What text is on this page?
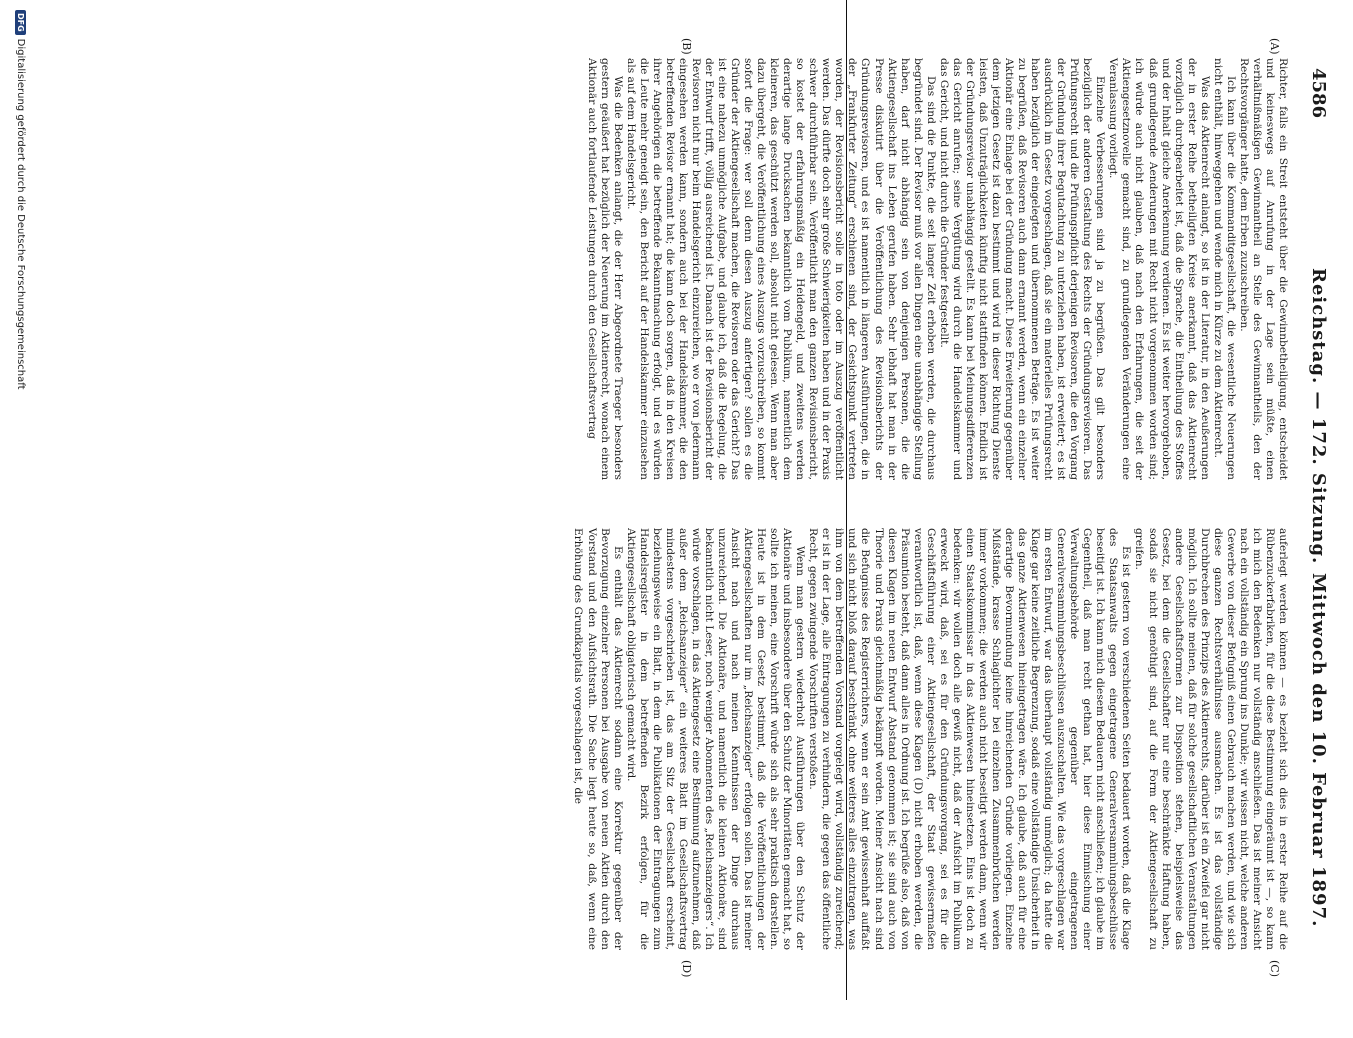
4586
Reichstag. — 172. Sitzung.
Mittwoch den 10. Februar 1897.
(A)
(B)
(C)
(D)

Richter, falls ein Streit entsteht über die Gewinnbetheiligung, entscheidet und keineswegs auf Anrufung in der Lage sein müßte, einen verhältnißmäßigen Gewinnantheil an Stelle des Gewinnantheils, den der Rechtsvorgänger hatte, dem Erben zuzuschreiben.

Ich kann über die Kommanditgesellschaft, die wesentliche Neuerungen nicht enthält, hinweggehen und wende mich in Kürze zu dem Aktienrecht.

Was das Aktienrecht anlangt, so ist in der Literatur, in den Aeußerungen der in erster Reihe betheiligten Kreise anerkannt, daß das Aktienrecht vorzüglich durchgearbeitet ist, daß die Sprache, die Eintheilung des Stoffes und der Inhalt gleiche Anerkennung verdienen. Es ist weiter hervorgehoben, daß grundlegende Aenderungen mit Recht nicht vorgenommen worden sind; ich würde auch nicht glauben, daß nach den Erfahrungen, die seit der Aktiengesetznovelle gemacht sind, zu grundlegenden Veränderungen eine Veranlassung vorliegt.

Einzelne Verbesserungen sind ja zu begrüßen. Das gilt besonders bezüglich der anderen Gestaltung des Rechts der Gründungsrevisoren. Das Prüfungsrecht und die Prüfungspflicht derjenigen Revisoren, die den Vorgang der Gründung ihrer Begutachtung zu unterziehen haben, ist erweitert; es ist ausdrücklich im Gesetz vorgeschlagen, daß sie ein materielles Prüfungsrecht haben bezüglich der eingelegten und übernommenen Beträge. Es ist weiter zu begrüßen, daß Revisoren auch dann ernannt werden, wenn ein einzelner Aktionär eine Einlage bei der Gründung macht. Diese Erweiterung gegenüber dem jetzigen Gesetz ist dazu bestimmt und wird in dieser Richtung Dienste leisten, daß Unzuträglichkeiten künftig nicht stattfinden können. Endlich ist der Gründungsrevisor unabhängig gestellt. Es kann bei Meinungsdifferenzen das Gericht anrufen; seine Vergütung wird durch die Handelskammer und das Gericht, und nicht durch die Gründer festgestellt.

Das sind die Punkte, die seit langer Zeit erhoben werden, die durchaus begründet sind. Der Revisor muß vor allen Dingen eine unabhängige Stellung haben, darf nicht abhängig sein von denjenigen Personen, die die Aktiengesellschaft ins Leben gerufen haben. Sehr lebhaft hat man in der Presse diskutirt über die Veröffentlichung des Revisionsberichts der Gründungsrevisoren, und es ist namentlich in längeren Ausführungen, die in der „Frankfurter Zeitung“ erschienen sind, der Gesichtspunkt vertreten worden, der Revisionsbericht solle in toto oder im Auszug veröffentlicht werden. Das dürfte doch sehr große Schwierigkeiten haben und in der Praxis schwer durchführbar sein. Veröffentlicht man den ganzen Revisionsbericht, so kostet der erfahrungsmäßig ein Heidengeld, und zweitens werden derartige lange Drucksachen bekanntlich vom Publikum, namentlich dem kleineren, das geschützt werden soll, absolut nicht gelesen. Wenn man aber dazu übergeht, die Veröffentlichung eines Auszugs vorzuschreiben, so kommt sofort die Frage: wer soll denn diesen Auszug anfertigen? sollen es die Gründer der Aktiengesellschaft machen, die Revisoren oder das Gericht? Das ist eine nahezu unmögliche Aufgabe, und glaube ich, daß die Regelung, die der Entwurf trifft, völlig ausreichend ist. Danach ist der Revisionsbericht der Revisoren nicht nur beim Handelsgericht einzureichen, wo er von jedermann eingesehen werden kann, sondern auch bei der Handelskammer, die den betreffenden Revisor ernannt hat; die kann doch sorgen, daß in den Kreisen ihrer Angehörigen die betreffende Bekanntmachung erfolgt, und es würden die Leute mehr geneigt sein, den Bericht auf der Handelskammer einzusehen als auf dem Handelsgericht.

Was die Bedenken anlangt, die der Herr Abgeordnete Traeger besonders gestern geäußert hat bezüglich der Neuerung im Aktienrecht, wonach einem Aktionär auch fortlaufende Leistungen durch den Gesellschaftsvertrag

auferlegt werden können — es bezieht sich dies in erster Reihe auf die Rübenzuckerfabriken, für die diese Bestimmung eingeräumt ist —, so kann ich mich den Bedenken nur vollständig anschließen. Das ist meiner Ansicht nach ein vollständig ein Sprung ins Dunkle; wir wissen nicht, welche anderen Gewerbe von dieser Befugniß einen Gebrauch machen werden, und wie sich diese ganzen Rechtsverhältnisse ausmachen. Es ist das vollständige Durchbrechen des Prinzips des Aktienrechts, darüber ist ein Zweifel gar nicht möglich. Ich sollte meinen, daß für solche gesellschaftlichen Veranstaltungen andere Gesellschaftsformen zur Disposition stehen, beispielsweise das Gesetz, bei dem die Gesellschafter nur eine beschränkte Haftung haben, sodaß sie nicht genöthigt sind, auf die Form der Aktiengesellschaft zu greifen.

Es ist gestern von verschiedenen Seiten bedauert worden, daß die Klage des Staatsanwalts gegen eingetragene Generalversammlungsbeschlüsse beseitigt ist. Ich kann mich diesem Bedauern nicht anschließen; ich glaube im Gegentheil, daß man recht gethan hat, hier diese Einmischung einer Verwaltungsbehörde gegenüber eingetragenen Generalversammlungsbeschlüssen auszuschalten. Wie das vorgeschlagen war im ersten Entwurf, war das überhaupt vollständig unmöglich; da hatte die Klage gar keine zeitliche Begrenzung, sodaß eine vollständige Unsicherheit in das ganze Aktienwesen hineingetragen wäre. Ich glaube, daß auch für eine derartige Bevormundung keine hinreichenden Gründe vorliegen. Einzelne Mißstände, krasse Schlaglichter bei einzelnen Zusammenbrüchen werden immer vorkommen; die werden auch nicht beseitigt werden dann, wenn wir einen Staatskommissar in das Aktienwesen hineinsetzen. Eins ist doch zu bedenken: wir wollen doch alle gewiß nicht, daß der Aufsicht im Publikum erweckt wird, daß, sei es für den Gründungsvorgang, sei es für die Geschäftsführung einer Aktiengesellschaft, der Staat gewissermaßen verantwortlich ist, daß, wenn diese Klagen (D) nicht erhoben werden, die Präsumtion besteht, daß dann alles in Ordnung ist. Ich begrüße also, daß von diesen Klagen im neuen Entwurf Abstand genommen ist; sie sind auch von Theorie und Praxis gleichmäßig bekämpft worden. Meiner Ansicht nach sind die Befugnisse des Registerrichters, wenn er sein Amt gewissenhaft auffaßt und sich nicht bloß darauf beschränkt, ohne weiteres alles einzutragen, was ihm von dem betreffenden Vorstand vorgelegt wird, vollständig zureichend; er ist in der Lage, alle Eintragungen zu verhindern, die gegen das öffentliche Recht, gegen zwingende Vorschriften verstoßen.

Wenn man gestern wiederholt Ausführungen über den Schutz der Aktionäre und insbesondere über den Schutz der Minoritäten gemacht hat, so sollte ich meinen, eine Vorschrift würde sich als sehr praktisch darstellen. Heute ist in dem Gesetz bestimmt, daß die Veröffentlichungen der Aktiengesellschaften nur im „Reichsanzeiger“ erfolgen sollen. Das ist meiner Ansicht nach und nach meinen Kenntnissen der Dinge durchaus unzureichend. Die Aktionäre, und namentlich die kleinen Aktionäre, sind bekanntlich nicht Leser, noch weniger Abonnenten des „Reichsanzeigers“. Ich würde vorschlagen, in das Aktiengesetz eine Bestimmung aufzunehmen, daß außer dem „Reichsanzeiger“ ein weiteres Blatt im Gesellschaftsvertrag mindestens vorgeschrieben ist, das am Sitz der Gesellschaft erscheint, beziehungsweise ein Blatt, in dem die Publikationen der Eintragungen zum Handelsregister in dem betreffenden Bezirk erfolgen, für die Aktiengesellschaft obligatorisch gemacht wird.

Es enthält das Aktienrecht sodann eine Korrektur gegenüber der Bevorzugung einzelner Personen bei Ausgabe von neuen Aktien durch den Vorstand und den Aufsichtsrath. Die Sache liegt heute so, daß, wenn eine Erhöhung des Grundkapitals vorgeschlagen ist, die

DFGDigitalisierung gefördert durch die Deutsche Forschungsgemeinschaft
